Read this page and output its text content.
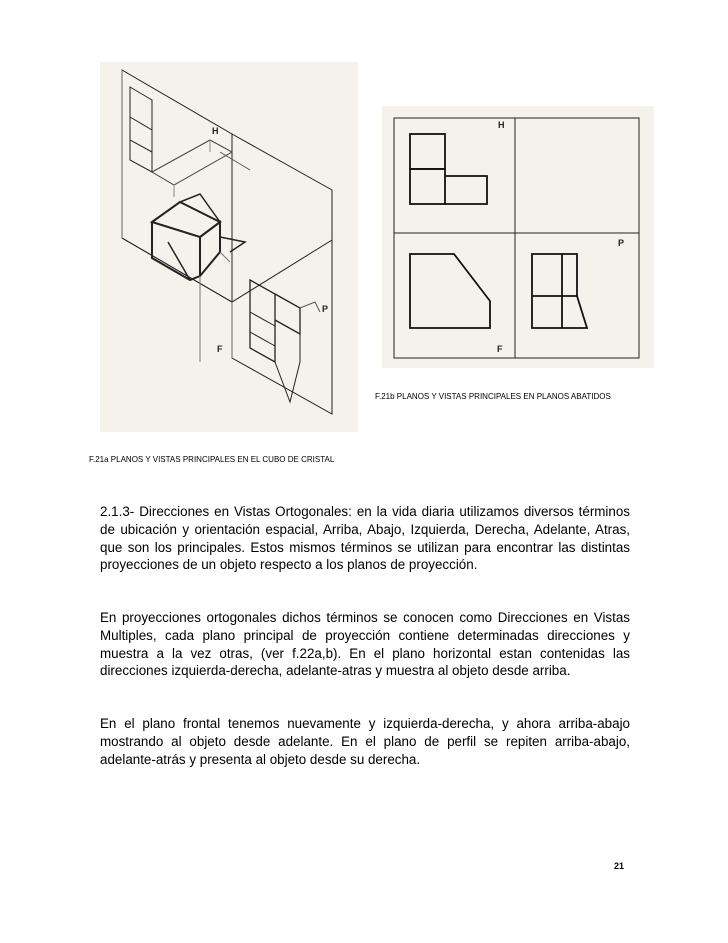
H
P
F
H
P
F
F.21b PLANOS Y VISTAS PRINCIPALES EN PLANOS ABATIDOS
F.21a PLANOS Y VISTAS PRINCIPALES EN EL CUBO DE CRISTAL

2.1.3- Direcciones en Vistas Ortogonales: en la vida diaria utilizamos diversos términos de ubicación y orientación espacial, Arriba, Abajo, Izquierda, Derecha, Adelante, Atras, que son los principales. Estos mismos términos se utilizan para encontrar las distintas proyecciones de un objeto respecto a los planos de proyección.

En proyecciones ortogonales dichos términos se conocen como Direcciones en Vistas Multiples, cada plano principal de proyección contiene determinadas direcciones y muestra a la vez otras, (ver f.22a,b). En el plano horizontal estan contenidas las direcciones izquierda-derecha, adelante-atras y muestra al objeto desde arriba.

En el plano frontal tenemos nuevamente y izquierda-derecha, y ahora arriba-abajo mostrando al objeto desde adelante. En el plano de perfil se repiten arriba-abajo, adelante-atrás y presenta al objeto desde su derecha.

21
